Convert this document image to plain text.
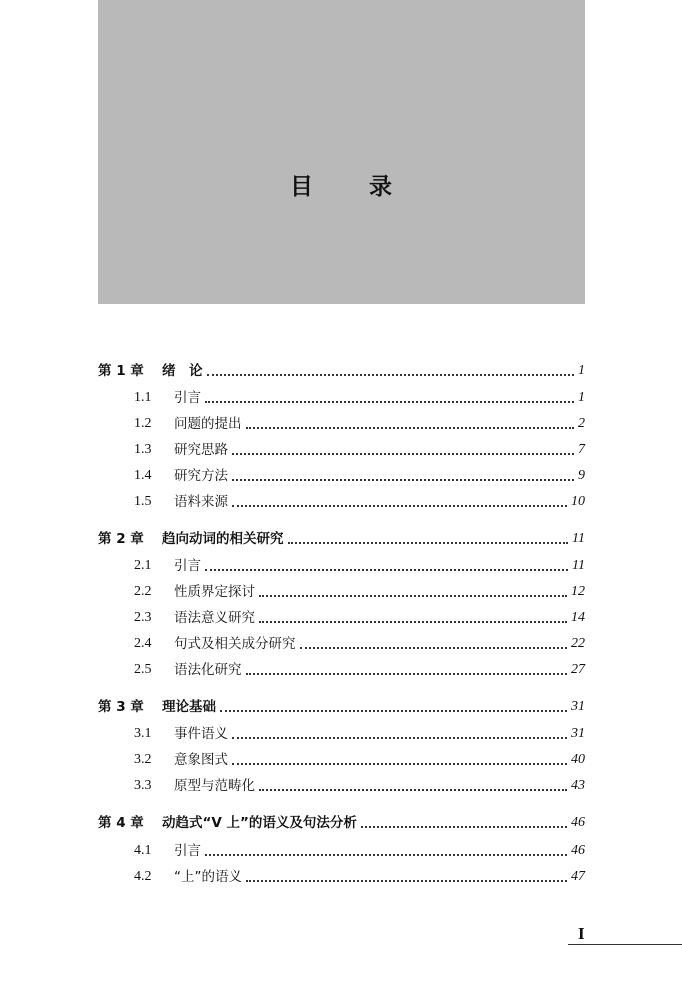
目 录
第 1 章	绪　论	1
1.1	引言	1
1.2	问题的提出	2
1.3	研究思路	7
1.4	研究方法	9
1.5	语料来源	10
第 2 章	趋向动词的相关研究	11
2.1	引言	11
2.2	性质界定探讨	12
2.3	语法意义研究	14
2.4	句式及相关成分研究	22
2.5	语法化研究	27
第 3 章	理论基础	31
3.1	事件语义	31
3.2	意象图式	40
3.3	原型与范畴化	43
第 4 章	动趋式“V 上”的语义及句法分析	46
4.1	引言	46
4.2	“上”的语义	47
I
